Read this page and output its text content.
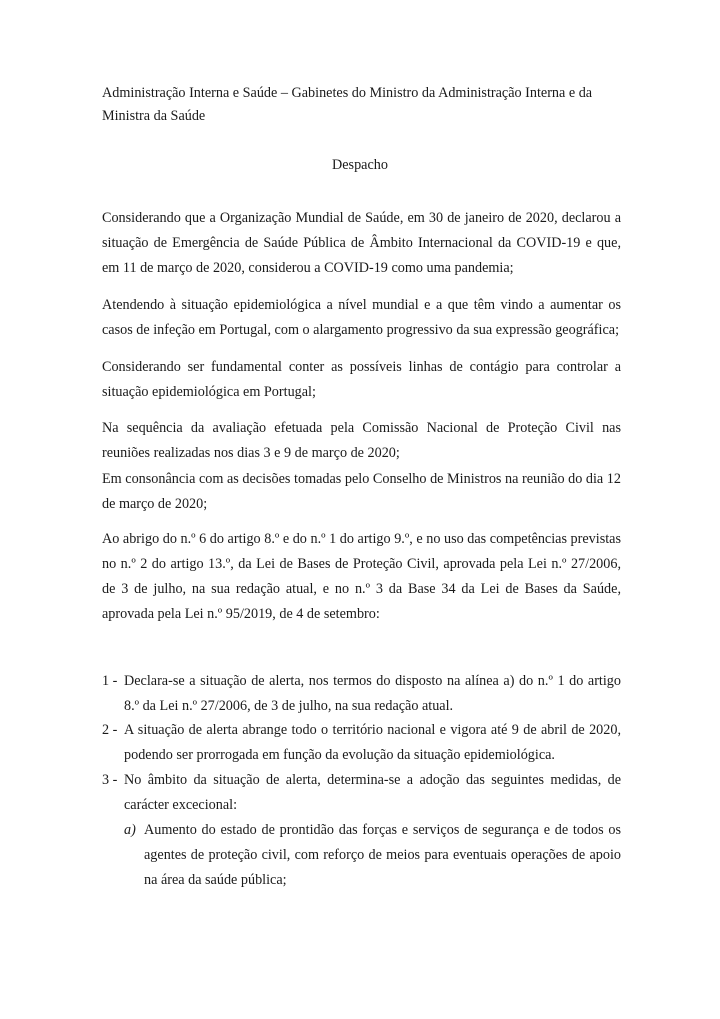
Administração Interna e Saúde – Gabinetes do Ministro da Administração Interna e da Ministra da Saúde
Despacho
Considerando que a Organização Mundial de Saúde, em 30 de janeiro de 2020, declarou a situação de Emergência de Saúde Pública de Âmbito Internacional da COVID-19 e que, em 11 de março de 2020, considerou a COVID-19 como uma pandemia;
Atendendo à situação epidemiológica a nível mundial e a que têm vindo a aumentar os casos de infeção em Portugal, com o alargamento progressivo da sua expressão geográfica;
Considerando ser fundamental conter as possíveis linhas de contágio para controlar a situação epidemiológica em Portugal;
Na sequência da avaliação efetuada pela Comissão Nacional de Proteção Civil nas reuniões realizadas nos dias 3 e 9 de março de 2020;
Em consonância com as decisões tomadas pelo Conselho de Ministros na reunião do dia 12 de março de 2020;
Ao abrigo do n.º 6 do artigo 8.º e do n.º 1 do artigo 9.º, e no uso das competências previstas no n.º 2 do artigo 13.º, da Lei de Bases de Proteção Civil, aprovada pela Lei n.º 27/2006, de 3 de julho, na sua redação atual, e no n.º 3 da Base 34 da Lei de Bases da Saúde, aprovada pela Lei n.º 95/2019, de 4 de setembro:
1 - Declara-se a situação de alerta, nos termos do disposto na alínea a) do n.º 1 do artigo 8.º da Lei n.º 27/2006, de 3 de julho, na sua redação atual.
2 - A situação de alerta abrange todo o território nacional e vigora até 9 de abril de 2020, podendo ser prorrogada em função da evolução da situação epidemiológica.
3 - No âmbito da situação de alerta, determina-se a adoção das seguintes medidas, de carácter excecional:
a) Aumento do estado de prontidão das forças e serviços de segurança e de todos os agentes de proteção civil, com reforço de meios para eventuais operações de apoio na área da saúde pública;
